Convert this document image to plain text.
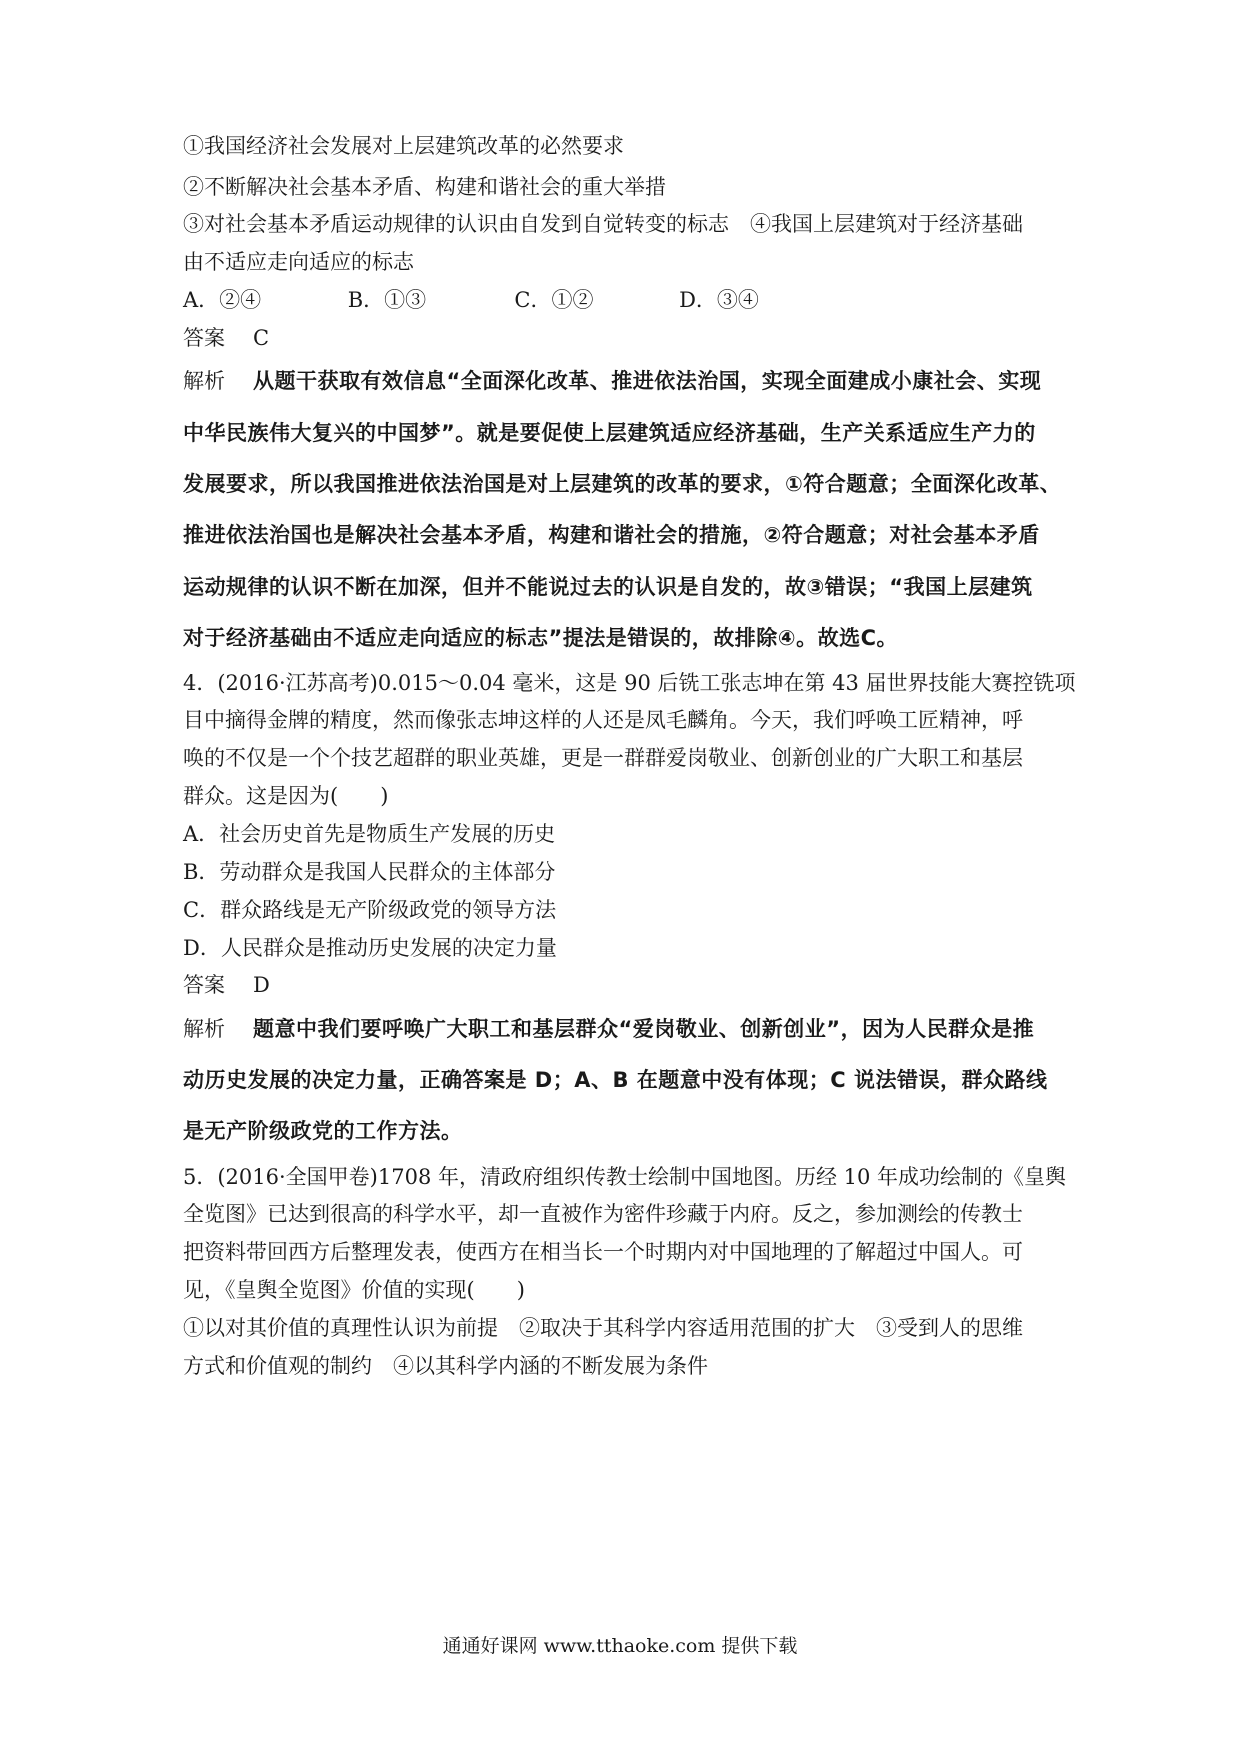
①我国经济社会发展对上层建筑改革的必然要求
②不断解决社会基本矛盾、构建和谐社会的重大举措
③对社会基本矛盾运动规律的认识由自发到自觉转变的标志　④我国上层建筑对于经济基础
由不适应走向适应的标志
A．②④	B．①③	C．①②	D．③④
答案 C
解析 从题干获取有效信息“全面深化改革、推进依法治国，实现全面建成小康社会、实现
中华民族伟大复兴的中国梦”。就是要促使上层建筑适应经济基础，生产关系适应生产力的
发展要求，所以我国推进依法治国是对上层建筑的改革的要求，①符合题意；全面深化改革、
推进依法治国也是解决社会基本矛盾，构建和谐社会的措施，②符合题意；对社会基本矛盾
运动规律的认识不断在加深，但并不能说过去的认识是自发的，故③错误；“我国上层建筑
对于经济基础由不适应走向适应的标志”提法是错误的，故排除④。故选C。
4．(2016·江苏高考)0.015～0.04 毫米，这是 90 后铣工张志坤在第 43 届世界技能大赛控铣项
目中摘得金牌的精度，然而像张志坤这样的人还是凤毛麟角。今天，我们呼唤工匠精神，呼
唤的不仅是一个个技艺超群的职业英雄，更是一群群爱岗敬业、创新创业的广大职工和基层
群众。这是因为(　　)
A．社会历史首先是物质生产发展的历史
B．劳动群众是我国人民群众的主体部分
C．群众路线是无产阶级政党的领导方法
D．人民群众是推动历史发展的决定力量
答案 D
解析 题意中我们要呼唤广大职工和基层群众“爱岗敬业、创新创业”，因为人民群众是推
动历史发展的决定力量，正确答案是 D；A、B 在题意中没有体现；C 说法错误，群众路线
是无产阶级政党的工作方法。
5．(2016·全国甲卷)1708 年，清政府组织传教士绘制中国地图。历经 10 年成功绘制的《皇舆
全览图》已达到很高的科学水平，却一直被作为密件珍藏于内府。反之，参加测绘的传教士
把资料带回西方后整理发表，使西方在相当长一个时期内对中国地理的了解超过中国人。可
见，《皇舆全览图》价值的实现(　　)
①以对其价值的真理性认识为前提　②取决于其科学内容适用范围的扩大　③受到人的思维
方式和价值观的制约　④以其科学内涵的不断发展为条件
通通好课网 www.tthaoke.com 提供下载
